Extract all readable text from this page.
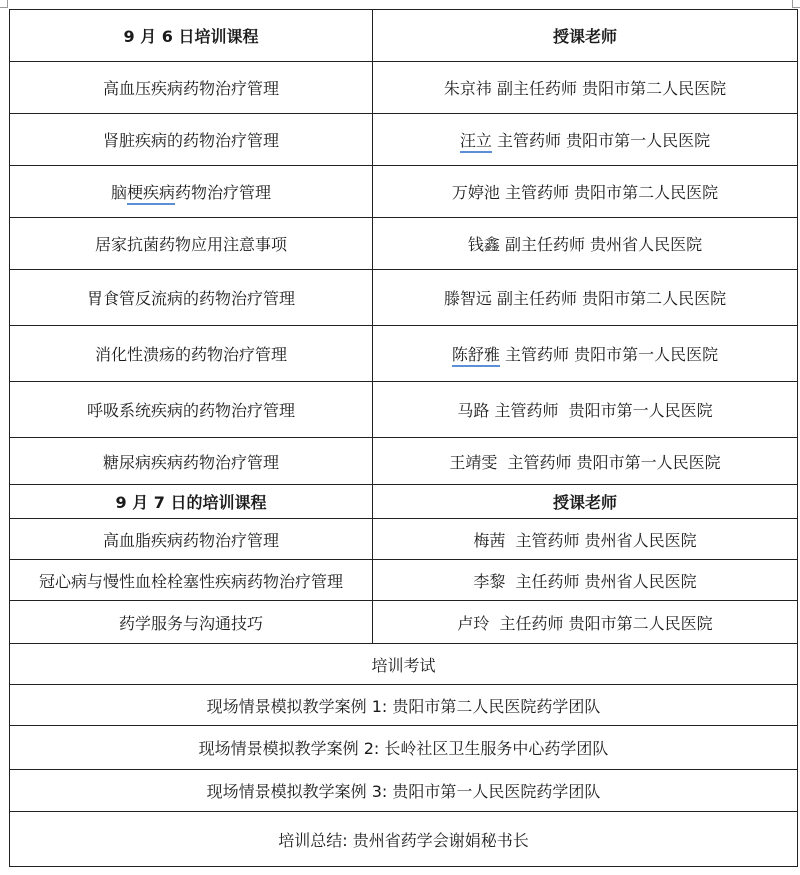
9 月 6 日培训课程	授课老师
高血压疾病药物治疗管理	朱京祎 副主任药师 贵阳市第二人民医院
肾脏疾病的药物治疗管理	汪立 主管药师 贵阳市第一人民医院
脑梗疾病药物治疗管理	万婷池 主管药师 贵阳市第二人民医院
居家抗菌药物应用注意事项	钱鑫 副主任药师 贵州省人民医院
胃食管反流病的药物治疗管理	滕智远 副主任药师 贵阳市第二人民医院
消化性溃疡的药物治疗管理	陈舒雅 主管药师 贵阳市第一人民医院
呼吸系统疾病的药物治疗管理	马路 主管药师  贵阳市第一人民医院
糖尿病疾病药物治疗管理	王靖雯  主管药师 贵阳市第一人民医院
9 月 7 日的培训课程	授课老师
高血脂疾病药物治疗管理	梅茜  主管药师 贵州省人民医院
冠心病与慢性血栓栓塞性疾病药物治疗管理	李黎  主任药师 贵州省人民医院
药学服务与沟通技巧	卢玲  主任药师 贵阳市第二人民医院
培训考试	
现场情景模拟教学案例 1: 贵阳市第二人民医院药学团队	
现场情景模拟教学案例 2: 长岭社区卫生服务中心药学团队	
现场情景模拟教学案例 3: 贵阳市第一人民医院药学团队	
培训总结: 贵州省药学会谢娟秘书长	
